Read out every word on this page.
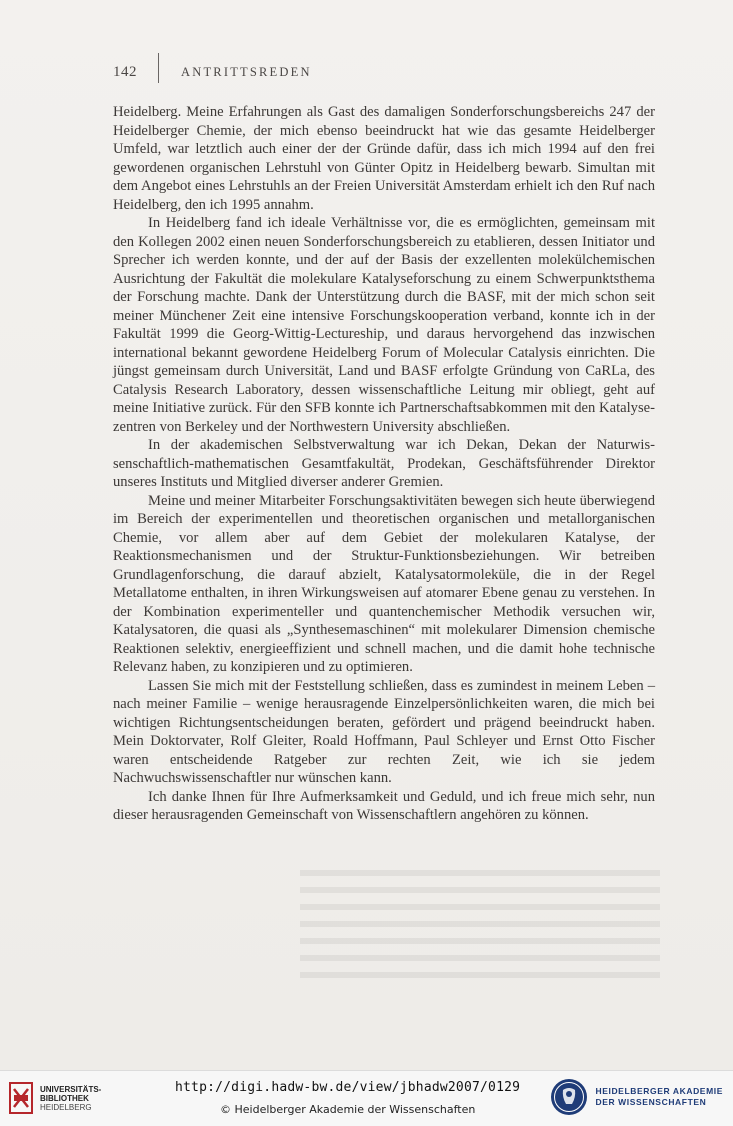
142	ANTRITTSREDEN

Heidelberg. Meine Erfahrungen als Gast des damaligen Sonderforschungsbereichs 247 der Heidelberger Chemie, der mich ebenso beeindruckt hat wie das gesamte Heidelberger Umfeld, war letztlich auch einer der der Gründe dafür, dass ich mich 1994 auf den frei gewordenen organischen Lehrstuhl von Günter Opitz in Heidelberg bewarb. Simultan mit dem Angebot eines Lehrstuhls an der Freien Universität Amsterdam erhielt ich den Ruf nach Heidelberg, den ich 1995 annahm.

In Heidelberg fand ich ideale Verhältnisse vor, die es ermöglichten, gemeinsam mit den Kollegen 2002 einen neuen Sonderforschungsbereich zu etablieren, dessen Initiator und Sprecher ich werden konnte, und der auf der Basis der exzellenten molekülchemischen Ausrichtung der Fakultät die molekulare Katalyseforschung zu einem Schwerpunktsthema der Forschung machte. Dank der Unterstützung durch die BASF, mit der mich schon seit meiner Münchener Zeit eine intensive Forschungskooperation verband, konnte ich in der Fakultät 1999 die Georg-Wittig-Lectureship, und daraus hervorgehend das inzwischen international bekannt gewordene Heidelberg Forum of Molecular Catalysis einrichten. Die jüngst gemeinsam durch Universität, Land und BASF erfolgte Gründung von CaRLa, des Catalysis Research Laboratory, dessen wissenschaftliche Leitung mir obliegt, geht auf meine Initiative zurück. Für den SFB konnte ich Partnerschaftsabkommen mit den Katalysezentren von Berkeley und der Northwestern University abschließen.

In der akademischen Selbstverwaltung war ich Dekan, Dekan der Naturwissenschaftlich-mathematischen Gesamtfakultät, Prodekan, Geschäftsführender Direktor unseres Instituts und Mitglied diverser anderer Gremien.

Meine und meiner Mitarbeiter Forschungsaktivitäten bewegen sich heute überwiegend im Bereich der experimentellen und theoretischen organischen und metallorganischen Chemie, vor allem aber auf dem Gebiet der molekularen Katalyse, der Reaktionsmechanismen und der Struktur-Funktionsbeziehungen. Wir betreiben Grundlagenforschung, die darauf abzielt, Katalysatormoleküle, die in der Regel Metallatome enthalten, in ihren Wirkungsweisen auf atomarer Ebene genau zu verstehen. In der Kombination experimenteller und quantenchemischer Methodik versuchen wir, Katalysatoren, die quasi als „Synthesemaschinen“ mit molekularer Dimension chemische Reaktionen selektiv, energieeffizient und schnell machen, und die damit hohe technische Relevanz haben, zu konzipieren und zu optimieren.

Lassen Sie mich mit der Feststellung schließen, dass es zumindest in meinem Leben – nach meiner Familie – wenige herausragende Einzelpersönlichkeiten waren, die mich bei wichtigen Richtungsentscheidungen beraten, gefördert und prägend beeindruckt haben. Mein Doktorvater, Rolf Gleiter, Roald Hoffmann, Paul Schleyer und Ernst Otto Fischer waren entscheidende Ratgeber zur rechten Zeit, wie ich sie jedem Nachwuchswissenschaftler nur wünschen kann.

Ich danke Ihnen für Ihre Aufmerksamkeit und Geduld, und ich freue mich sehr, nun dieser herausragenden Gemeinschaft von Wissenschaftlern angehören zu können.

UNIVERSITÄTS-
BIBLIOTHEK
HEIDELBERG
http://digi.hadw-bw.de/view/jbhadw2007/0129
© Heidelberger Akademie der Wissenschaften
HEIDELBERGER AKADEMIE
DER WISSENSCHAFTEN
